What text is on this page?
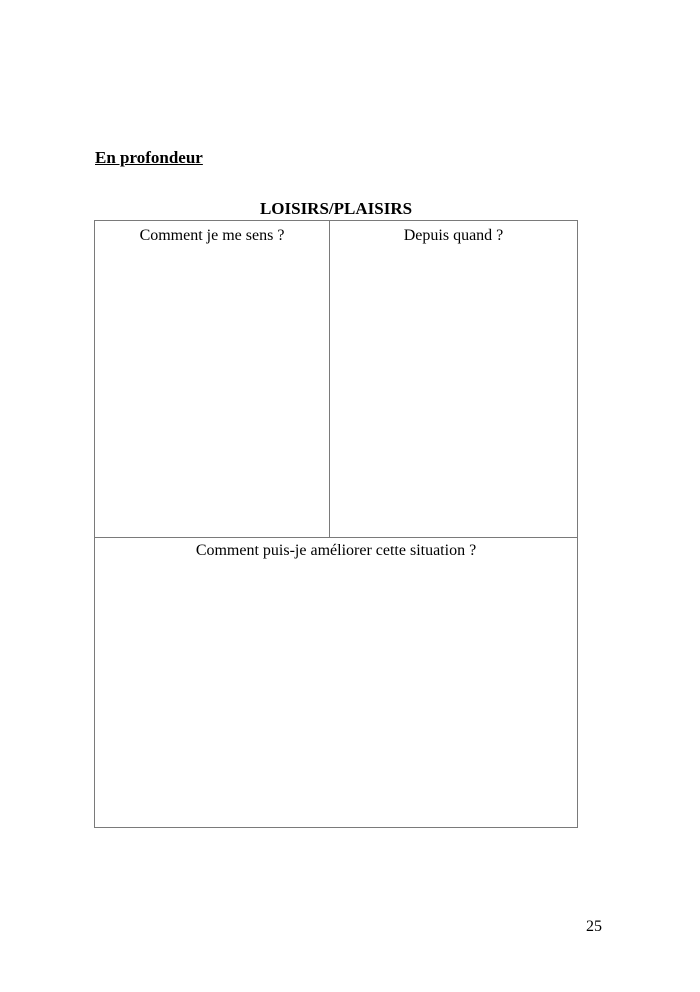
En profondeur
LOISIRS/PLAISIRS
Comment je me sens ?	Depuis quand ?
Comment puis-je améliorer cette situation ?
25
